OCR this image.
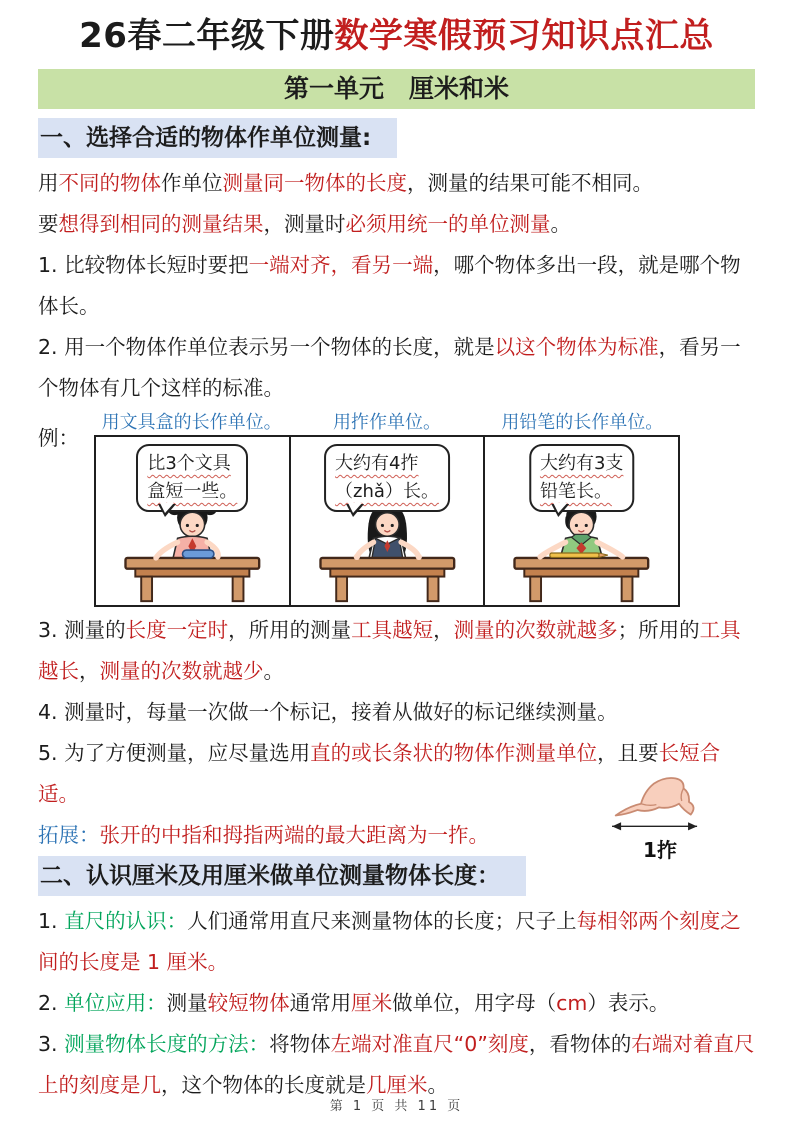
26春二年级下册数学寒假预习知识点汇总
第一单元　厘米和米
一、选择合适的物体作单位测量:

用不同的物体作单位测量同一物体的长度，测量的结果可能不相同。

要想得到相同的测量结果，测量时必须用统一的单位测量。

1. 比较物体长短时要把一端对齐，看另一端，哪个物体多出一段，就是哪个物体长。

2. 用一个物体作单位表示另一个物体的长度，就是以这个物体为标准，看另一个物体有几个这样的标准。

例：
用文具盒的长作单位。	用拃作单位。	用铅笔的长作单位。
比3个文具
盒短一些。
大约有4拃
（zhǎ）长。
大约有3支
铅笔长。

3. 测量的长度一定时，所用的测量工具越短，测量的次数就越多；所用的工具越长，测量的次数就越少。

4. 测量时，每量一次做一个标记，接着从做好的标记继续测量。

5. 为了方便测量，应尽量选用直的或长条状的物体作测量单位，且要长短合适。

拓展：张开的中指和拇指两端的最大距离为一拃。

1拃
二、认识厘米及用厘米做单位测量物体长度：

1. 直尺的认识：人们通常用直尺来测量物体的长度；尺子上每相邻两个刻度之间的长度是 1 厘米。

2. 单位应用：测量较短物体通常用厘米做单位，用字母（cm）表示。

3. 测量物体长度的方法：将物体左端对准直尺“0”刻度，看物体的右端对着直尺上的刻度是几，这个物体的长度就是几厘米。

第 1 页 共 11 页
